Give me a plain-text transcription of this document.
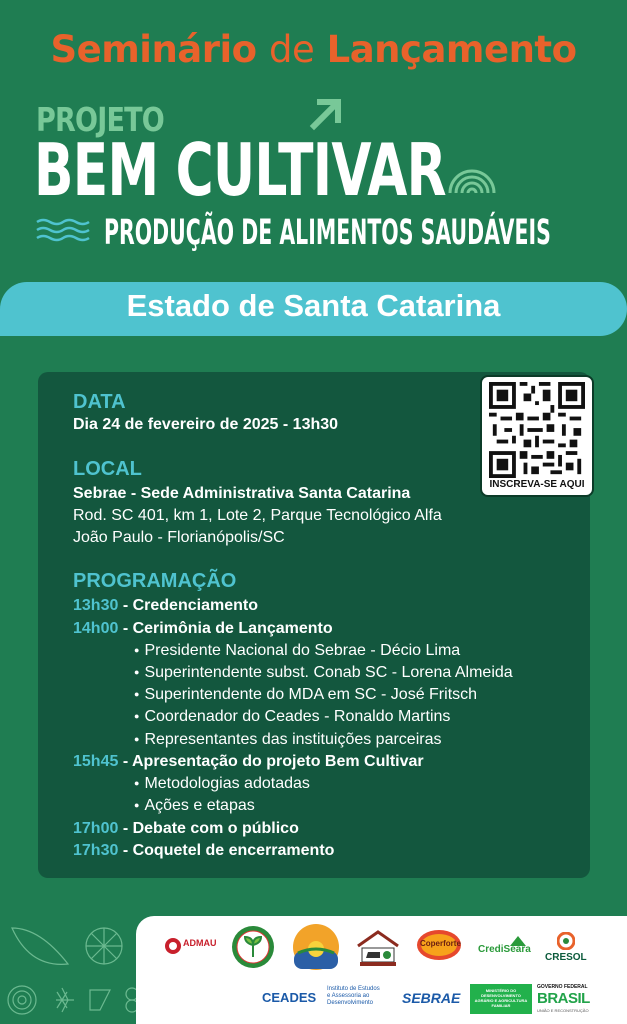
Seminário de Lançamento
PROJETO
BEM CULTIVAR
PRODUÇÃO DE ALIMENTOS SAUDÁVEIS
Estado de Santa Catarina
DATA
Dia 24 de fevereiro de 2025 - 13h30
LOCAL
Sebrae - Sede Administrativa Santa Catarina
Rod. SC 401, km 1, Lote 2, Parque Tecnológico Alfa
João Paulo - Florianópolis/SC
INSCREVA-SE AQUI
PROGRAMAÇÃO
13h30 - Credenciamento
14h00 - Cerimônia de Lançamento
● Presidente Nacional do Sebrae - Décio Lima
● Superintendente subst. Conab SC - Lorena Almeida
● Superintendente do MDA em SC - José Fritsch
● Coordenador do Ceades - Ronaldo Martins
● Representantes das instituições parceiras
15h45 - Apresentação do projeto Bem Cultivar
● Metodologias adotadas
● Ações e etapas
17h00 - Debate com o público
17h30 - Coquetel de encerramento
ADMAU	Coperforte
CrediSeara
CRESOL
CEADES
Instituto de Estudos e Assessoria ao Desenvolvimento	SEBRAE	MINISTÉRIO DO DESENVOLVIMENTO AGRÁRIO E AGRICULTURA FAMILIAR
GOVERNO FEDERAL
BRASIL
UNIÃO E RECONSTRUÇÃO
